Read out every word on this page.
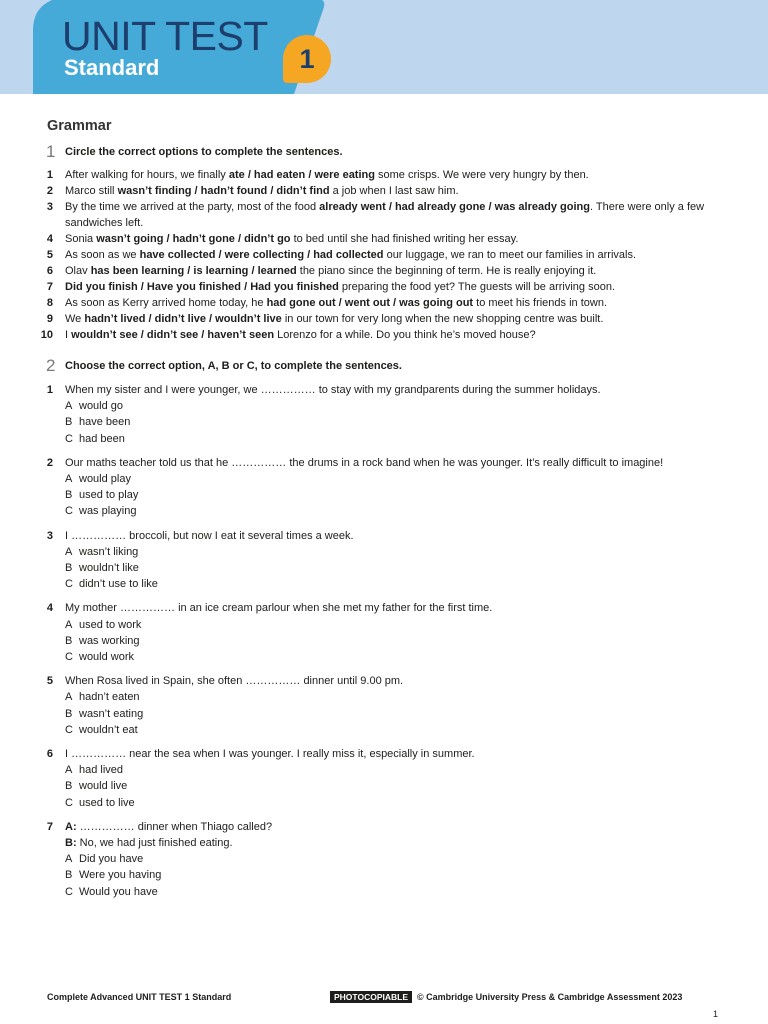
UNIT TEST
Standard	1
Grammar
1 Circle the correct options to complete the sentences.
1 After walking for hours, we finally ate / had eaten / were eating some crisps. We were very hungry by then.
2 Marco still wasn’t finding / hadn’t found / didn’t find a job when I last saw him.
3 By the time we arrived at the party, most of the food already went / had already gone / was already going. There were only a few sandwiches left.
4 Sonia wasn’t going / hadn’t gone / didn’t go to bed until she had finished writing her essay.
5 As soon as we have collected / were collecting / had collected our luggage, we ran to meet our families in arrivals.
6 Olav has been learning / is learning / learned the piano since the beginning of term. He is really enjoying it.
7 Did you finish / Have you finished / Had you finished preparing the food yet? The guests will be arriving soon.
8 As soon as Kerry arrived home today, he had gone out / went out / was going out to meet his friends in town.
9 We hadn’t lived / didn’t live / wouldn’t live in our town for very long when the new shopping centre was built.
10 I wouldn’t see / didn’t see / haven’t seen Lorenzo for a while. Do you think he’s moved house?
2 Choose the correct option, A, B or C, to complete the sentences.
1 When my sister and I were younger, we …………… to stay with my grandparents during the summer holidays.
A would go
B have been
C had been
2 Our maths teacher told us that he …………… the drums in a rock band when he was younger. It’s really difficult to imagine!
A would play
B used to play
C was playing
3 I …………… broccoli, but now I eat it several times a week.
A wasn’t liking
B wouldn’t like
C didn’t use to like
4 My mother …………… in an ice cream parlour when she met my father for the first time.
A used to work
B was working
C would work
5 When Rosa lived in Spain, she often …………… dinner until 9.00 pm.
A hadn’t eaten
B wasn’t eating
C wouldn’t eat
6 I …………… near the sea when I was younger. I really miss it, especially in summer.
A had lived
B would live
C used to live
7 A: …………… dinner when Thiago called?
B: No, we had just finished eating.
A Did you have
B Were you having
C Would you have
Complete Advanced UNIT TEST 1 Standard	PHOTOCOPIABLE	© Cambridge University Press & Cambridge Assessment 2023
1
